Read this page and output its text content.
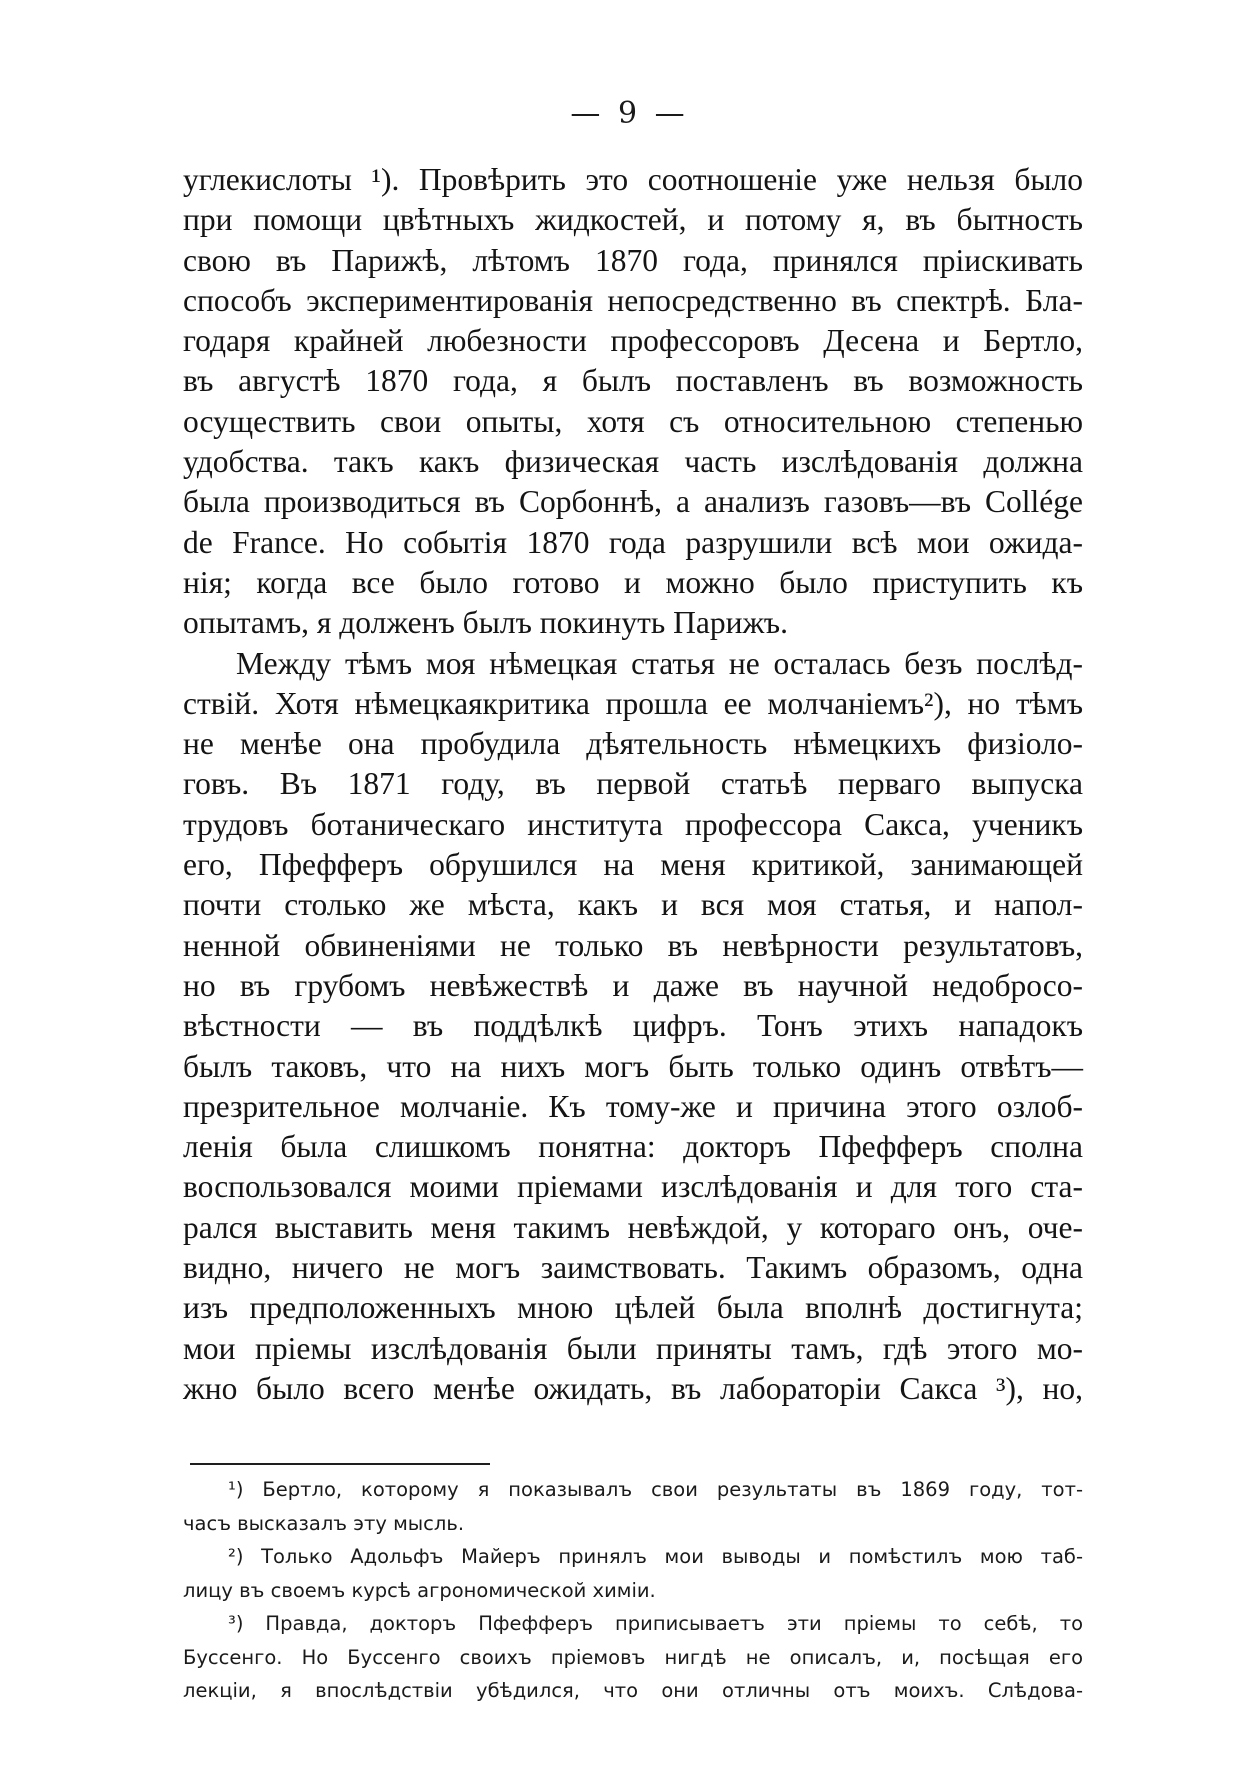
— 9 —
углекислоты ¹). Провѣрить это соотношеніе уже нельзя было
при помощи цвѣтныхъ жидкостей, и потому я, въ бытность
свою въ Парижѣ, лѣтомъ 1870 года, принялся пріискивать
способъ экспериментированія непосредственно въ спектрѣ. Бла-
годаря крайней любезности профессоровъ Десена и Бертло,
въ августѣ 1870 года, я былъ поставленъ въ возможность
осуществить свои опыты, хотя съ относительною степенью
удобства. такъ какъ физическая часть изслѣдованія должна
была производиться въ Сорбоннѣ, а анализъ газовъ—въ Collége
de France. Но событія 1870 года разрушили всѣ мои ожида-
нія; когда все было готово и можно было приступить къ
опытамъ, я долженъ былъ покинуть Парижъ.
Между тѣмъ моя нѣмецкая статья не осталась безъ послѣд-
ствій. Хотя нѣмецкаякритика прошла ее молчаніемъ²), но тѣмъ
не менѣе она пробудила дѣятельность нѣмецкихъ физіоло-
говъ. Въ 1871 году, въ первой статьѣ перваго выпуска
трудовъ ботаническаго института профессора Сакса, ученикъ
его, Пфефферъ обрушился на меня критикой, занимающей
почти столько же мѣста, какъ и вся моя статья, и напол-
ненной обвиненіями не только въ невѣрности результатовъ,
но въ грубомъ невѣжествѣ и даже въ научной недобросо-
вѣстности — въ поддѣлкѣ цифръ. Тонъ этихъ нападокъ
былъ таковъ, что на нихъ могъ быть только одинъ отвѣтъ—
презрительное молчаніе. Къ тому-же и причина этого озлоб-
ленія была слишкомъ понятна: докторъ Пфефферъ сполна
воспользовался моими пріемами изслѣдованія и для того ста-
рался выставить меня такимъ невѣждой, у котораго онъ, оче-
видно, ничего не могъ заимствовать. Такимъ образомъ, одна
изъ предположенныхъ мною цѣлей была вполнѣ достигнута;
мои пріемы изслѣдованія были приняты тамъ, гдѣ этого мо-
жно было всего менѣе ожидать, въ лабораторіи Сакса ³), но,
¹) Бертло, которому я показывалъ свои результаты въ 1869 году, тот-
часъ высказалъ эту мысль.
²) Только Адольфъ Майеръ принялъ мои выводы и помѣстилъ мою таб-
лицу въ своемъ курсѣ агрономической химіи.
³) Правда, докторъ Пфефферъ приписываетъ эти пріемы то себѣ, то
Буссенго. Но Буссенго своихъ пріемовъ нигдѣ не описалъ, и, посѣщая его
лекціи, я впослѣдствіи убѣдился, что они отличны отъ моихъ. Слѣдова-
